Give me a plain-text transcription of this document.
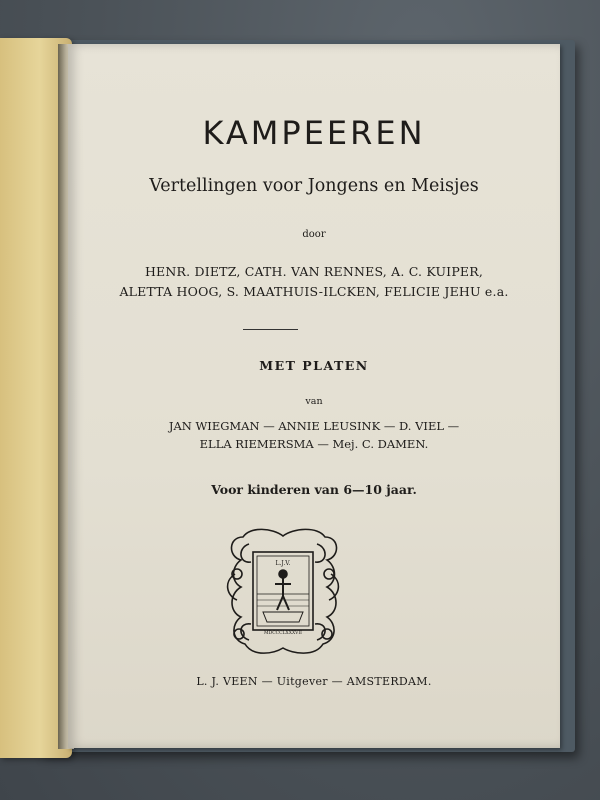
KAMPEEREN
Vertellingen voor Jongens en Meisjes
door
HENR. DIETZ, CATH. VAN RENNES, A. C. KUIPER,
ALETTA HOOG, S. MAATHUIS-ILCKEN, FELICIE JEHU e.a.
MET PLATEN
van
JAN WIEGMAN — ANNIE LEUSINK — D. VIEL —
ELLA RIEMERSMA — Mej. C. DAMEN.
Voor kinderen van 6—10 jaar.
L.J.V.
MDCCCLXXXVII
L. J. VEEN — Uitgever — AMSTERDAM.
